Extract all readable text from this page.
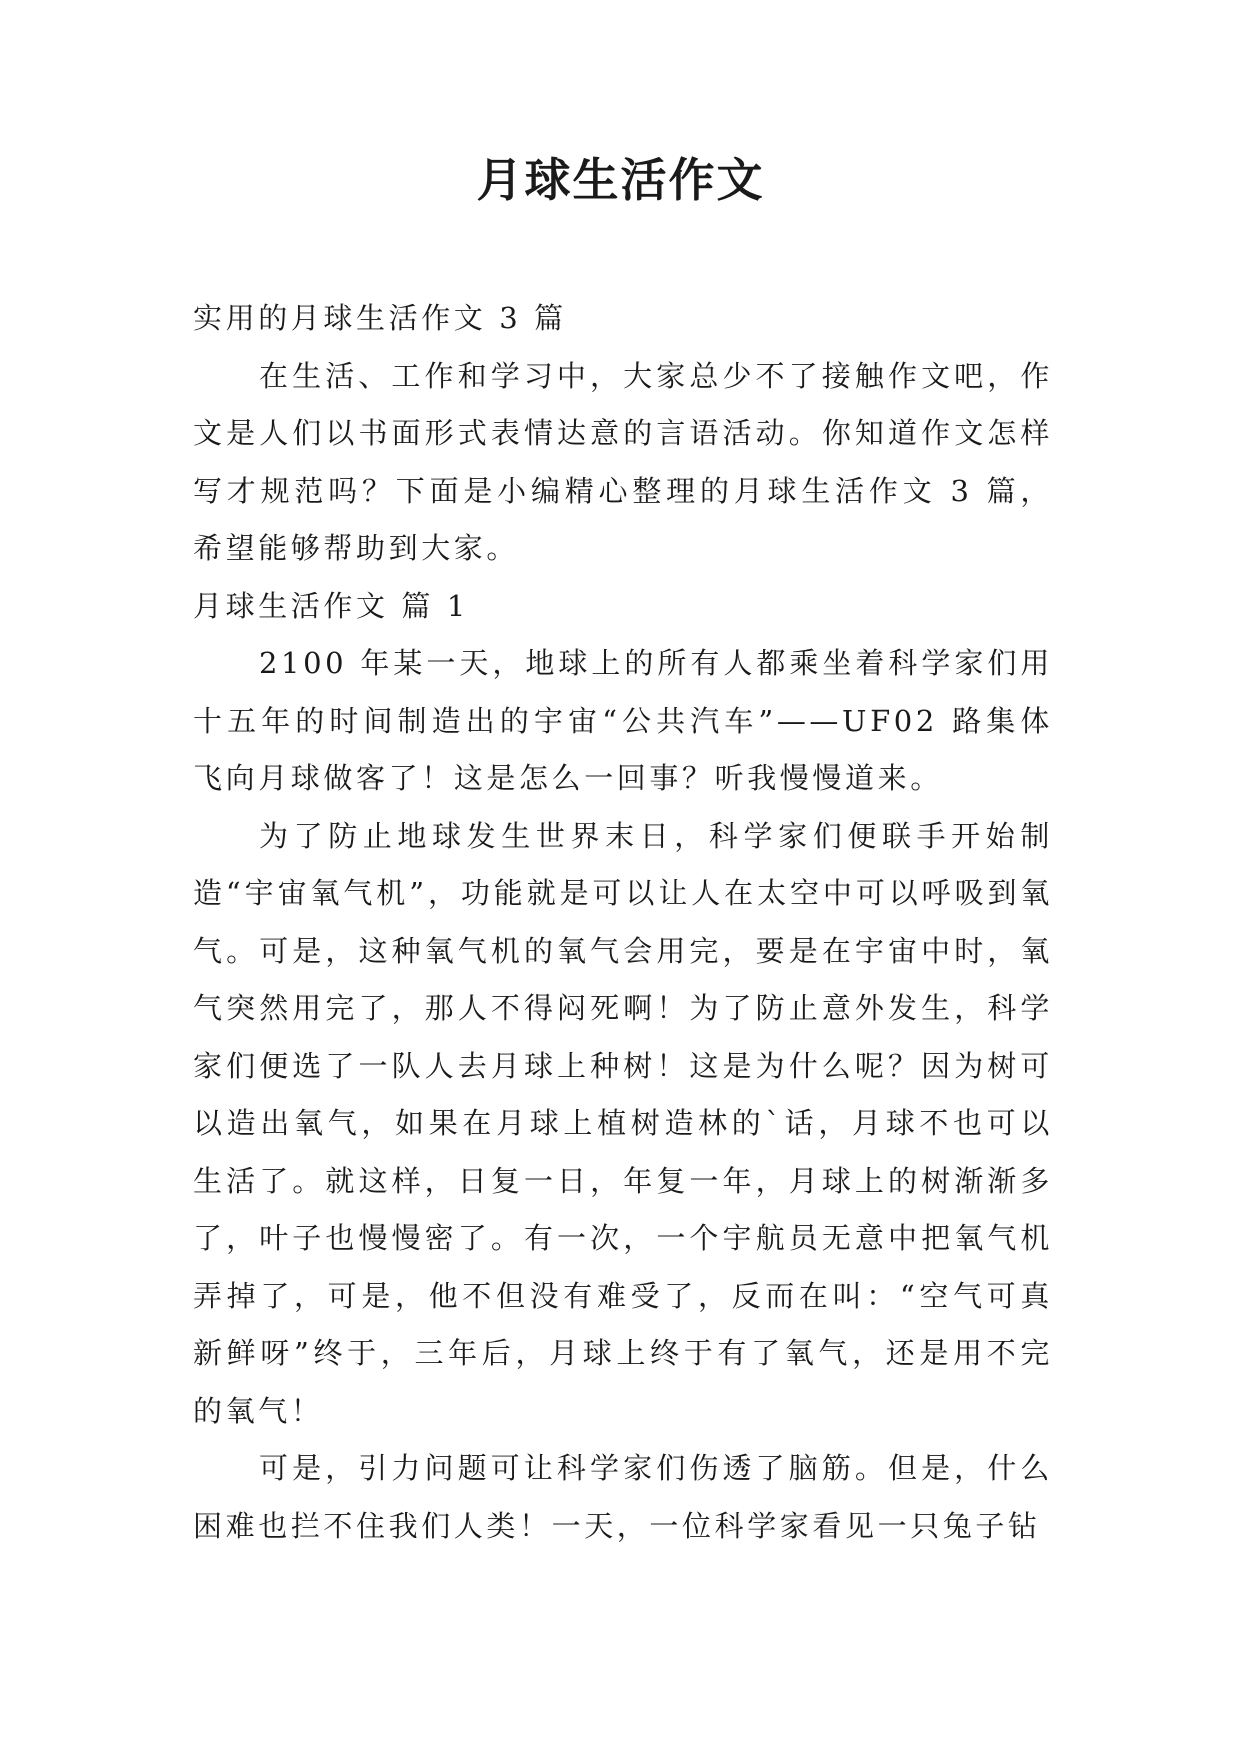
月球生活作文

实用的月球生活作文 3 篇

在生活、工作和学习中，大家总少不了接触作文吧，作文是人们以书面形式表情达意的言语活动。你知道作文怎样写才规范吗？下面是小编精心整理的月球生活作文 3 篇，希望能够帮助到大家。

月球生活作文 篇 1

2100 年某一天，地球上的所有人都乘坐着科学家们用十五年的时间制造出的宇宙“公共汽车”——UF02 路集体飞向月球做客了！这是怎么一回事？听我慢慢道来。

为了防止地球发生世界末日，科学家们便联手开始制造“宇宙氧气机”，功能就是可以让人在太空中可以呼吸到氧气。可是，这种氧气机的氧气会用完，要是在宇宙中时，氧气突然用完了，那人不得闷死啊！为了防止意外发生，科学家们便选了一队人去月球上种树！这是为什么呢？因为树可以造出氧气，如果在月球上植树造林的`话，月球不也可以生活了。就这样，日复一日，年复一年，月球上的树渐渐多了，叶子也慢慢密了。有一次，一个宇航员无意中把氧气机弄掉了，可是，他不但没有难受了，反而在叫：“空气可真新鲜呀”终于，三年后，月球上终于有了氧气，还是用不完的氧气！

可是，引力问题可让科学家们伤透了脑筋。但是，什么困难也拦不住我们人类！一天，一位科学家看见一只兔子钻
